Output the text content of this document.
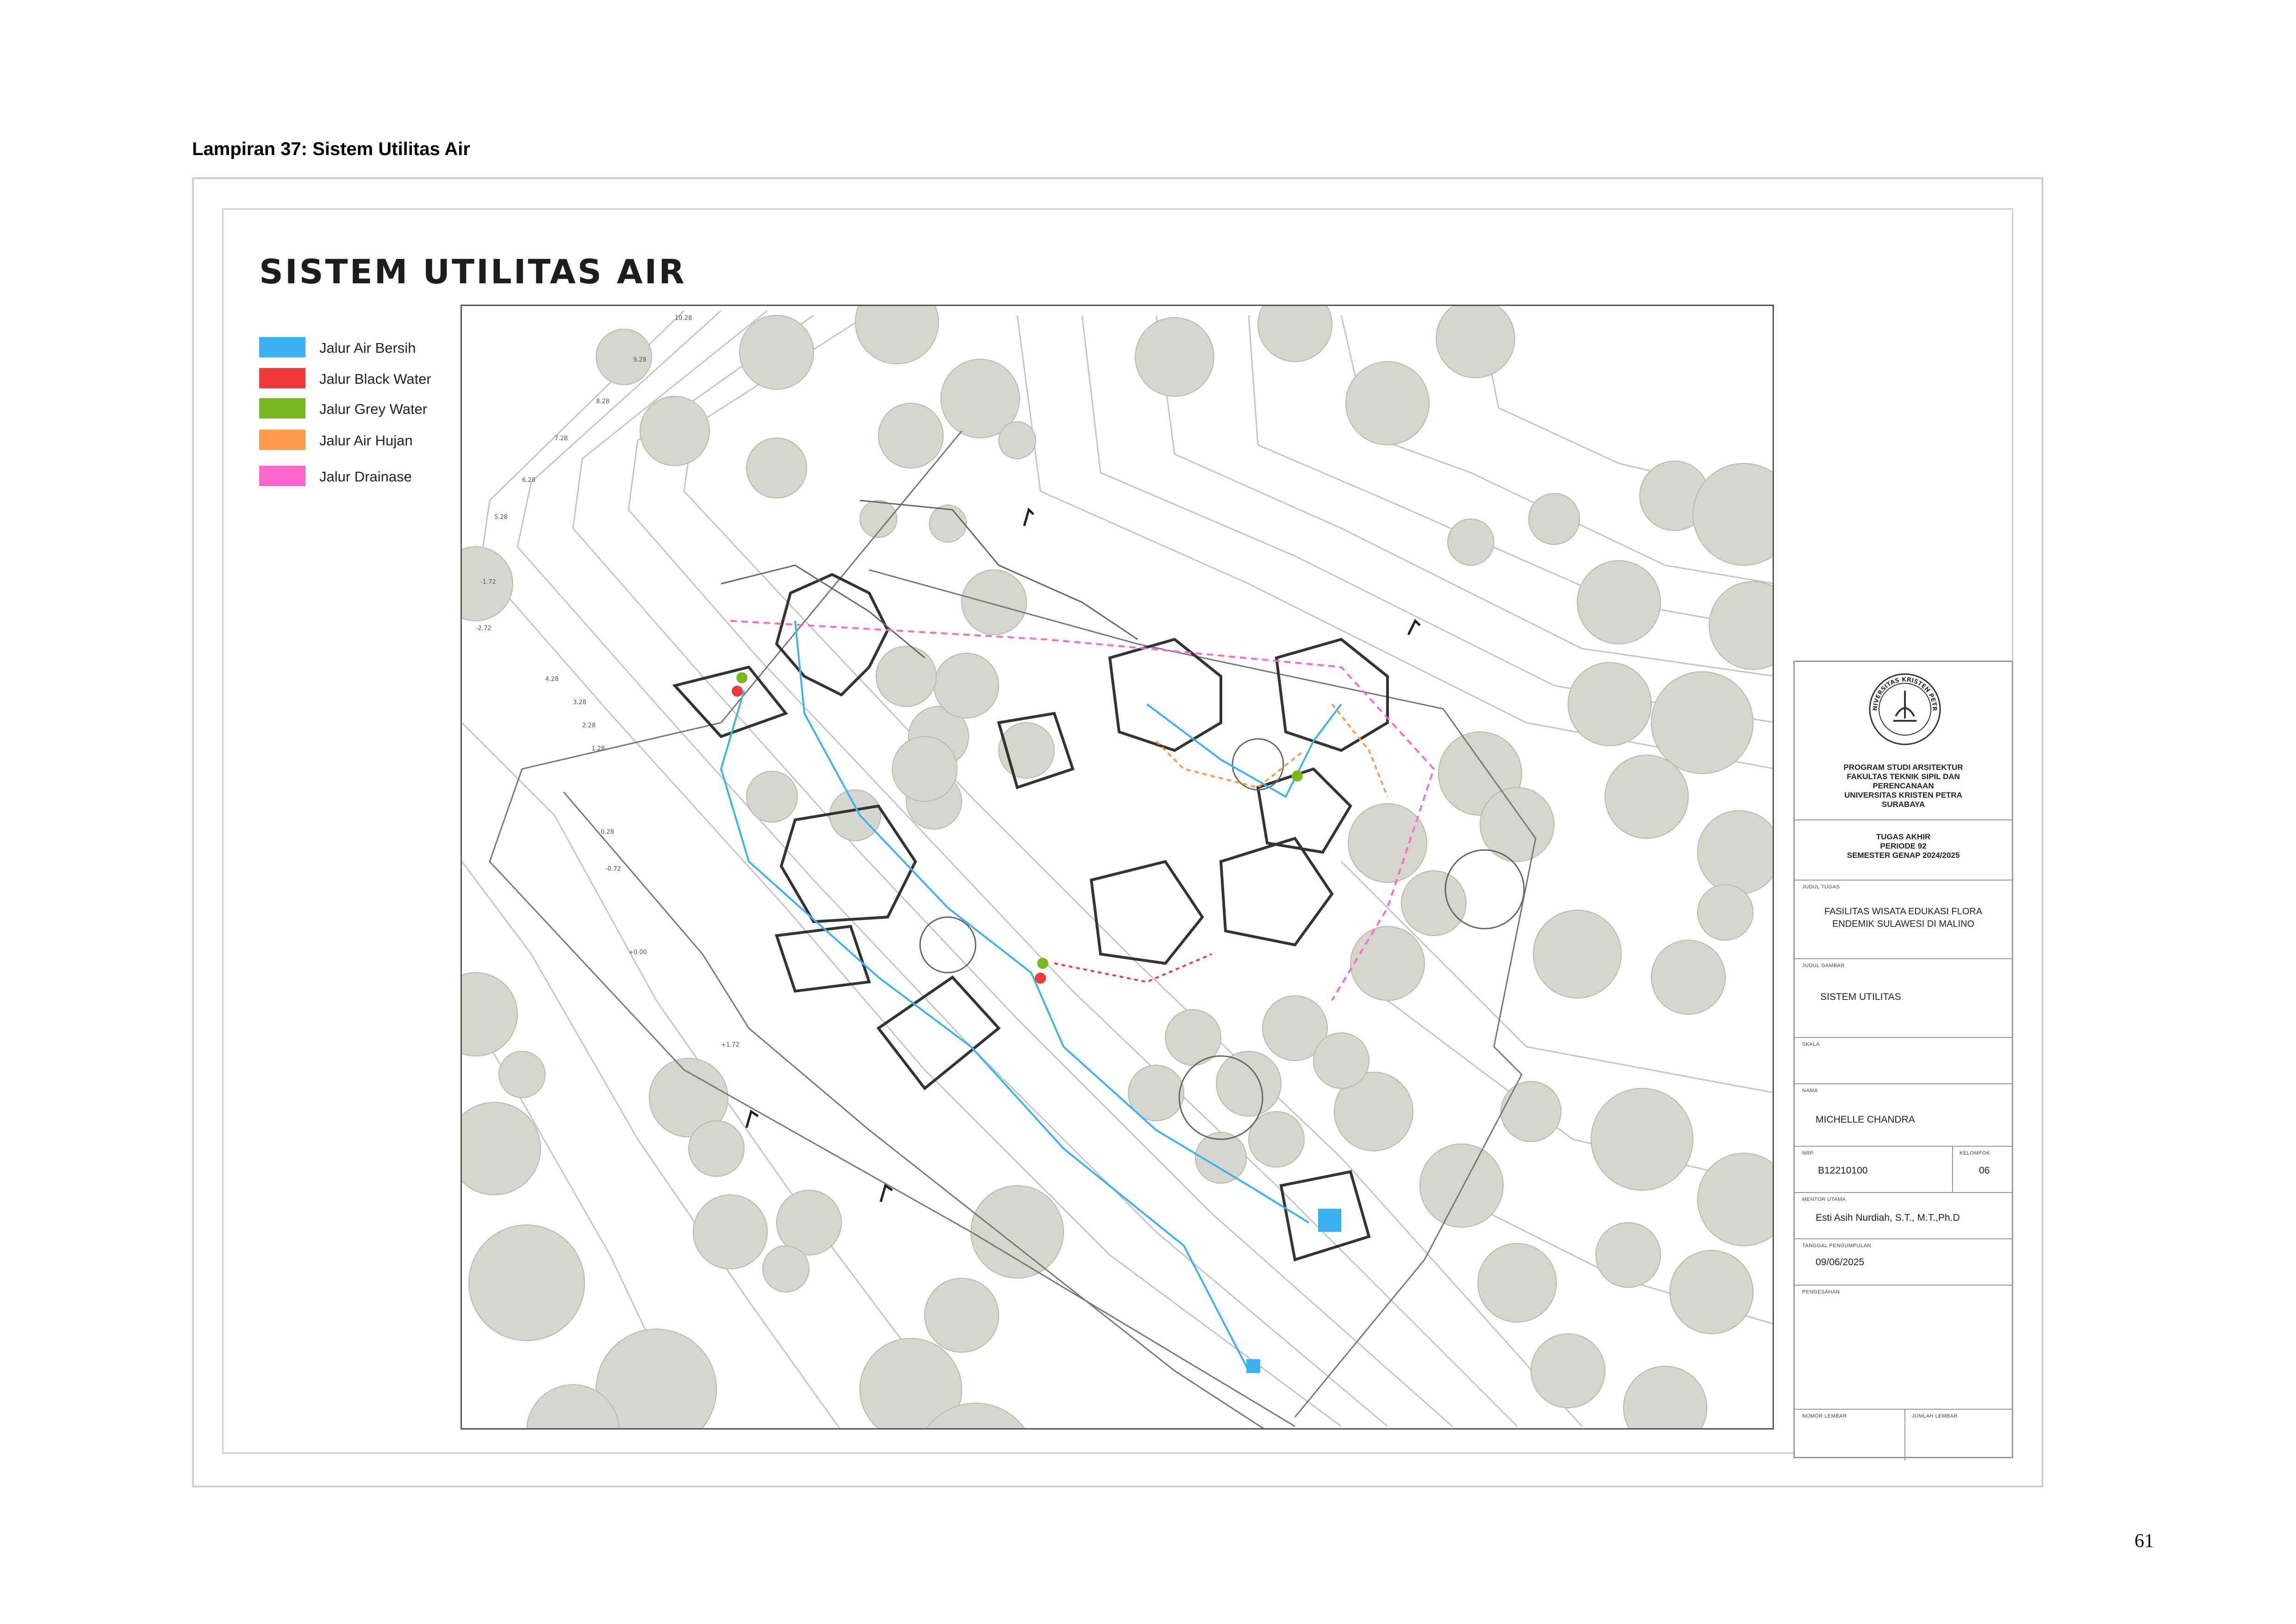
Lampiran 37: Sistem Utilitas Air
SISTEM UTILITAS AIR
Jalur Air Bersih
Jalur Black Water
Jalur Grey Water
Jalur Air Hujan
Jalur Drainase
10.28
9.28
8.28
7.28
6.28
5.28
4.28
3.28
2.28
1.28
0.28
-0.72
+0.00
+1.72
-1.72
-2.72
NIVERSITAS KRISTEN PETR
PROGRAM STUDI ARSITEKTUR
FAKULTAS TEKNIK SIPIL DAN
PERENCANAAN
UNIVERSITAS KRISTEN PETRA
SURABAYA
TUGAS AKHIR
PERIODE 92
SEMESTER GENAP 2024/2025
JUDUL TUGAS
FASILITAS WISATA EDUKASI FLORA
ENDEMIK SULAWESI DI MALINO
JUDUL GAMBAR
SISTEM UTILITAS
SKALA
NAMA
MICHELLE CHANDRA
NRP
B12210100
KELOMPOK
06
MENTOR UTAMA
Esti Asih Nurdiah, S.T., M.T.,Ph.D
TANGGAL PENGUMPULAN
09/06/2025
PENGESAHAN
NOMOR LEMBAR	JUMLAH LEMBAR
61
